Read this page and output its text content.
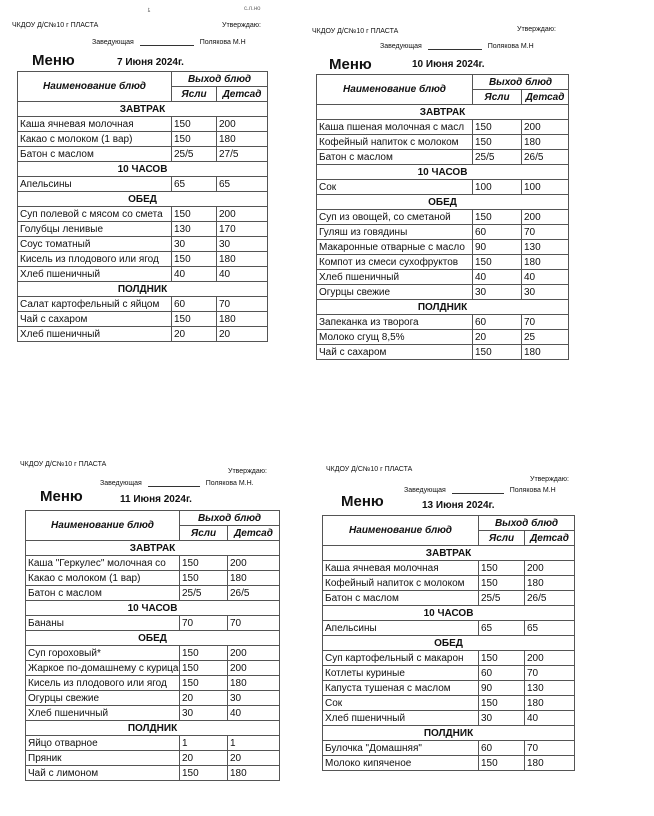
ȶ	с.л.но
ЧКДОУ Д/С№10 г ПЛАСТА	Утверждаю:
Заведующая	Полякова М.Н
Меню	7 Июня 2024г.
Наименование блюд	Выход блюд	
	Ясли	Детсад
ЗАВТРАК		
Каша ячневая молочная	150	200
Какао с молоком (1 вар)	150	180
Батон с маслом	25/5	27/5
10 ЧАСОВ		
Апельсины	65	65
ОБЕД		
Суп полевой с мясом со смета	150	200
Голубцы ленивые	130	170
Соус томатный	30	30
Кисель из плодового или ягод	150	180
Хлеб пшеничный	40	40
ПОЛДНИК		
Салат картофельный с яйцом	60	70
Чай с сахаром	150	180
Хлеб пшеничный	20	20
ЧКДОУ Д/С№10 г ПЛАСТА	Утверждаю:
Заведующая	Полякова М.Н
Меню	10 Июня 2024г.
Наименование блюд	Выход блюд	
	Ясли	Детсад
ЗАВТРАК		
Каша пшеная молочная с масл	150	200
Кофейный напиток с молоком	150	180
Батон с маслом	25/5	26/5
10 ЧАСОВ		
Сок	100	100
ОБЕД		
Суп из овощей, со сметаной	150	200
Гуляш из говядины	60	70
Макаронные отварные с масло	90	130
Компот из смеси сухофруктов	150	180
Хлеб пшеничный	40	40
Огурцы свежие	30	30
ПОЛДНИК		
Запеканка из творога	60	70
Молоко сгущ 8,5%	20	25
Чай с сахаром	150	180
ЧКДОУ Д/С№10 г ПЛАСТА
Утверждаю:
Заведующая	Полякова М.Н.
Меню	11 Июня 2024г.
Наименование блюд	Выход блюд	
	Ясли	Детсад
ЗАВТРАК		
Каша "Геркулес" молочная со	150	200
Какао с молоком (1 вар)	150	180
Батон с маслом	25/5	26/5
10 ЧАСОВ		
Бананы	70	70
ОБЕД		
Суп гороховый*	150	200
Жаркое по-домашнему с курица	150	200
Кисель из плодового или ягод	150	180
Огурцы свежие	20	30
Хлеб пшеничный	30	40
ПОЛДНИК		
Яйцо отварное	1	1
Пряник	20	20
Чай с лимоном	150	180
ЧКДОУ Д/С№10 г ПЛАСТА
Утверждаю:
Заведующая	Полякова М.Н
Меню	13 Июня 2024г.
Наименование блюд	Выход блюд	
	Ясли	Детсад
ЗАВТРАК		
Каша ячневая молочная	150	200
Кофейный напиток с молоком	150	180
Батон с маслом	25/5	26/5
10 ЧАСОВ		
Апельсины	65	65
ОБЕД		
Суп картофельный с макарон	150	200
Котлеты куриные	60	70
Капуста тушеная с маслом	90	130
Сок	150	180
Хлеб пшеничный	30	40
ПОЛДНИК		
Булочка "Домашняя"	60	70
Молоко кипяченое	150	180
